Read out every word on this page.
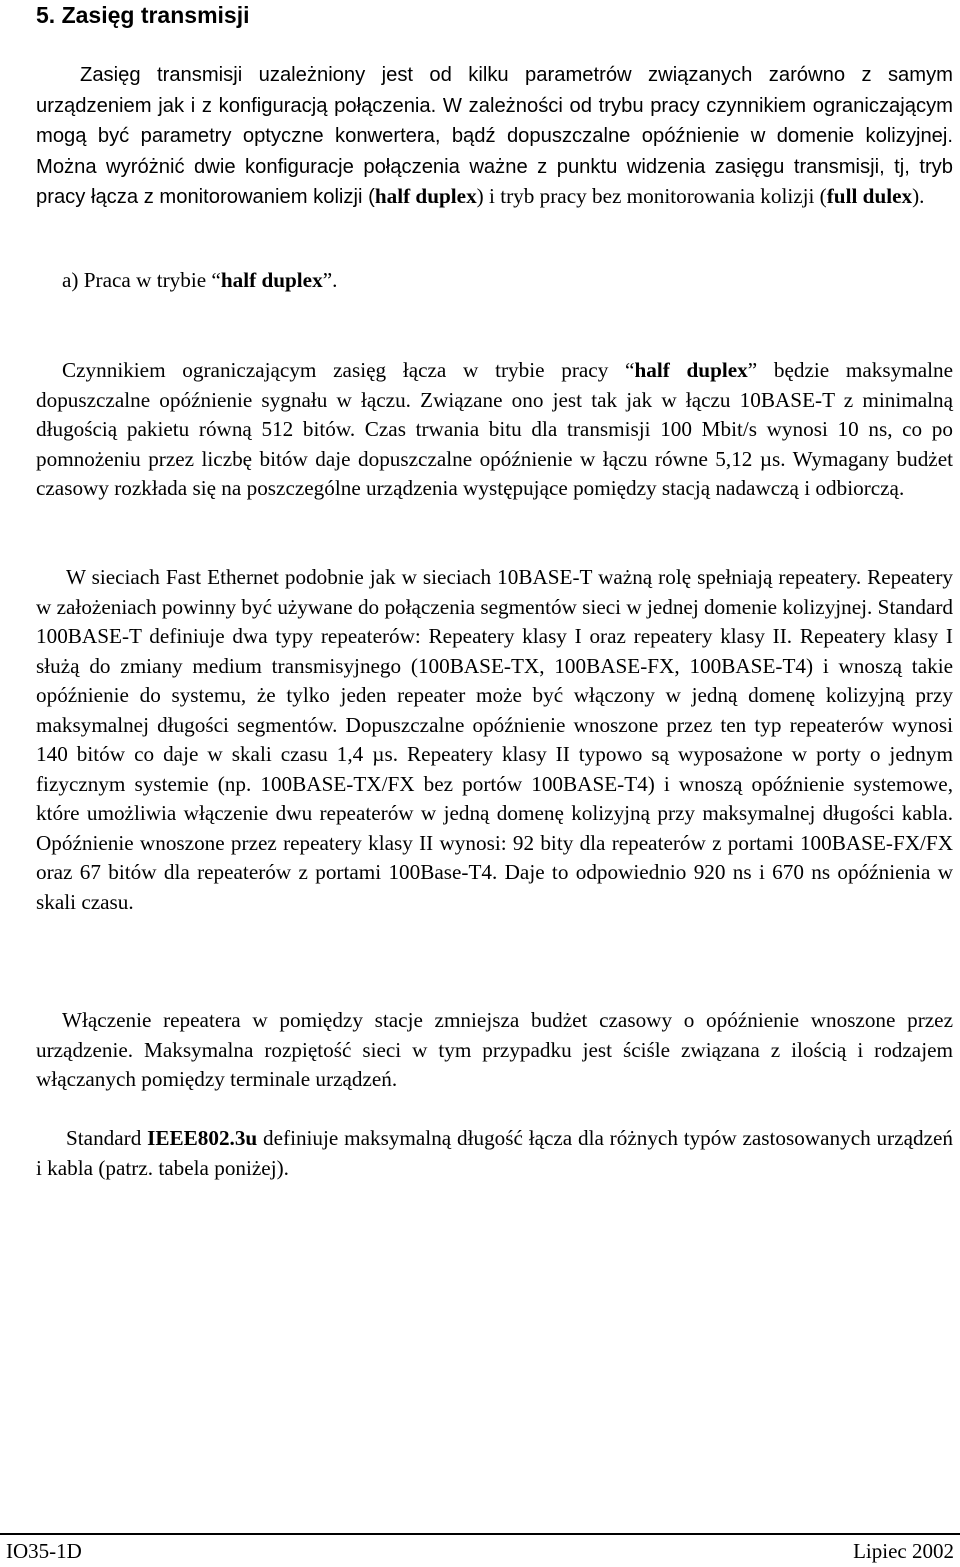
5. Zasięg transmisji

Zasięg transmisji uzależniony jest od kilku parametrów związanych zarówno z samym urządzeniem jak i z konfiguracją połączenia. W zależności od trybu pracy czynnikiem ograniczającym mogą być parametry optyczne konwertera, bądź dopuszczalne opóźnienie w domenie kolizyjnej. Można wyróżnić dwie konfiguracje połączenia ważne z punktu widzenia zasięgu transmisji, tj, tryb pracy łącza z monitorowaniem kolizji (half duplex) i tryb pracy bez monitorowania kolizji (full dulex).

a) Praca w trybie “half duplex”.

Czynnikiem ograniczającym zasięg łącza w trybie pracy “half duplex” będzie maksymalne dopuszczalne opóźnienie sygnału w łączu. Związane ono jest tak jak w łączu 10BASE-T z minimalną długością pakietu równą 512 bitów. Czas trwania bitu dla transmisji 100 Mbit/s wynosi 10 ns, co po pomnożeniu przez liczbę bitów daje dopuszczalne opóźnienie w łączu równe 5,12 µs. Wymagany budżet czasowy rozkłada się na poszczególne urządzenia występujące pomiędzy stacją nadawczą i odbiorczą.

W sieciach Fast Ethernet podobnie jak w sieciach 10BASE-T ważną rolę spełniają repeatery. Repeatery w założeniach powinny być używane do połączenia segmentów sieci w jednej domenie kolizyjnej. Standard 100BASE-T definiuje dwa typy repeaterów: Repeatery klasy I oraz repeatery klasy II. Repeatery klasy I służą do zmiany medium transmisyjnego (100BASE-TX, 100BASE-FX, 100BASE-T4) i wnoszą takie opóźnienie do systemu, że tylko jeden repeater może być włączony w jedną domenę kolizyjną przy maksymalnej długości segmentów. Dopuszczalne opóźnienie wnoszone przez ten typ repeaterów wynosi 140 bitów co daje w skali czasu 1,4 µs. Repeatery klasy II typowo są wyposażone w porty o jednym fizycznym systemie (np. 100BASE-TX/FX bez portów 100BASE-T4) i wnoszą opóźnienie systemowe, które umożliwia włączenie dwu repeaterów w jedną domenę kolizyjną przy maksymalnej długości kabla. Opóźnienie wnoszone przez repeatery klasy II wynosi: 92 bity dla repeaterów z portami 100BASE-FX/FX oraz 67 bitów dla repeaterów z portami 100Base-T4. Daje to odpowiednio 920 ns i 670 ns opóźnienia w skali czasu.

Włączenie repeatera w pomiędzy stacje zmniejsza budżet czasowy o opóźnienie wnoszone przez urządzenie. Maksymalna rozpiętość sieci w tym przypadku jest ściśle związana z ilością i rodzajem włączanych pomiędzy terminale urządzeń.

Standard IEEE802.3u definiuje maksymalną długość łącza dla różnych typów zastosowanych urządzeń i kabla (patrz. tabela poniżej).

IO35-1D	Lipiec 2002
